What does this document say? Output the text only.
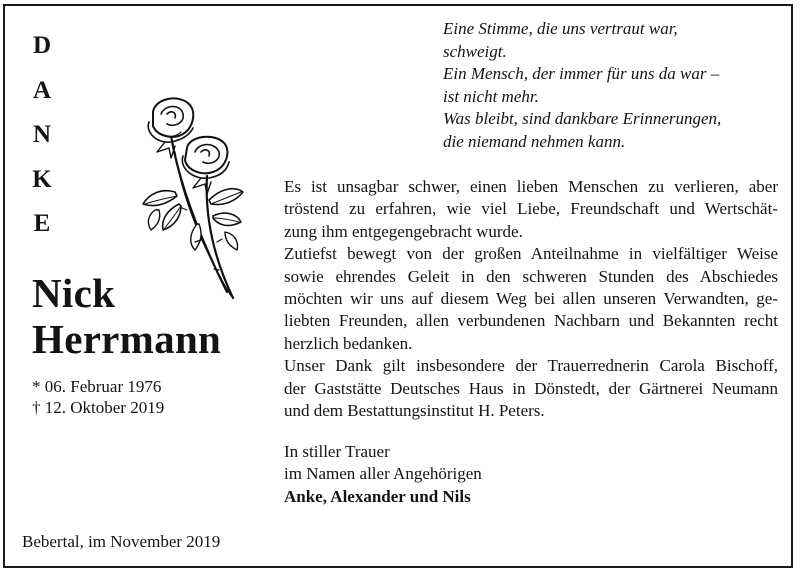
D
A
N
K
E
Nick
Herrmann
* 06. Februar 1976
† 12. Oktober 2019
Bebertal, im November 2019
Eine Stimme, die uns vertraut war,
schweigt.
Ein Mensch, der immer für uns da war –
ist nicht mehr.
Was bleibt, sind dankbare Erinnerungen,
die niemand nehmen kann.
Es ist unsagbar schwer, einen lieben Menschen zu verlieren, aber
tröstend zu erfahren, wie viel Liebe, Freundschaft und Wertschät-
zung ihm entgegengebracht wurde.
Zutiefst bewegt von der großen Anteilnahme in vielfältiger Weise
sowie ehrendes Geleit in den schweren Stunden des Abschiedes
möchten wir uns auf diesem Weg bei allen unseren Verwandten, ge-
liebten Freunden, allen verbundenen Nachbarn und Bekannten recht
herzlich bedanken.
Unser Dank gilt insbesondere der Trauerrednerin Carola Bischoff,
der Gaststätte Deutsches Haus in Dönstedt, der Gärtnerei Neumann
und dem Bestattungsinstitut H. Peters.
In stiller Trauer
im Namen aller Angehörigen
Anke, Alexander und Nils
